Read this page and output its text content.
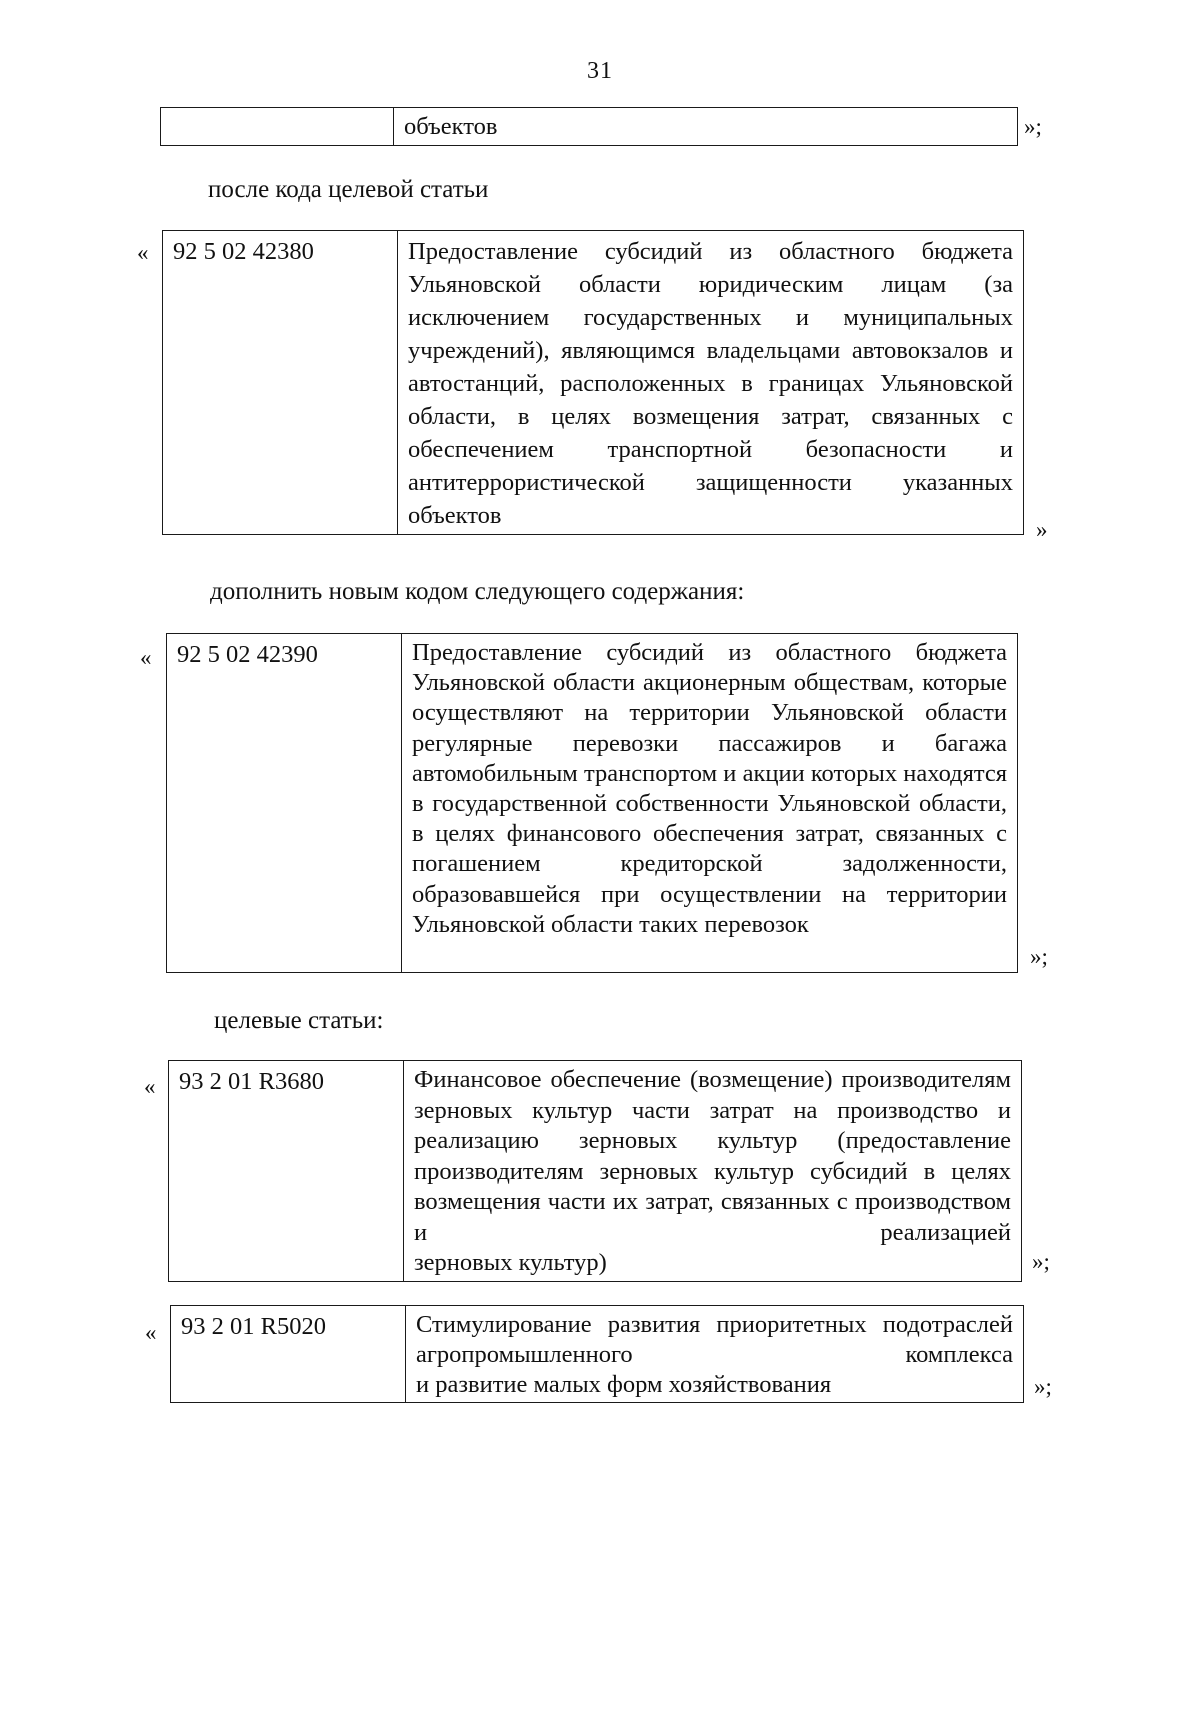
31
	объектов	»;
после кода целевой статьи
« 92 5 02 42380	Предоставление субсидий из областного бюджета Ульяновской области юридическим лицам (за исключением государственных и муниципальных учреждений), являющимся владельцами автовокзалов и автостанций, расположенных в границах Ульяновской области, в целях возмещения затрат, связанных с обеспечением транспортной безопасности и антитеррористической защищенности указанных
объектов
»
дополнить новым кодом следующего содержания:
« 92 5 02 42390	Предоставление субсидий из областного бюджета Ульяновской области акционерным обществам, которые осуществляют на территории Ульяновской области регулярные перевозки пассажиров и багажа автомобильным транспортом и акции которых находятся в государственной собственности Ульяновской области, в целях финансового обеспечения затрат, связанных с погашением кредиторской задолженности, образовавшейся при осуществлении на территории
Ульяновской области таких перевозок
»;
целевые статьи:
« 93 2 01 R3680	Финансовое обеспечение (возмещение) производителям зерновых культур части затрат на производство и реализацию зерновых культур (предоставление производителям зерновых культур субсидий в целях возмещения части их затрат, связанных с производством и реализацией
зерновых культур)	»;
« 93 2 01 R5020	Стимулирование развития приоритетных подотраслей агропромышленного комплекса
и развитие малых форм хозяйствования	»;
